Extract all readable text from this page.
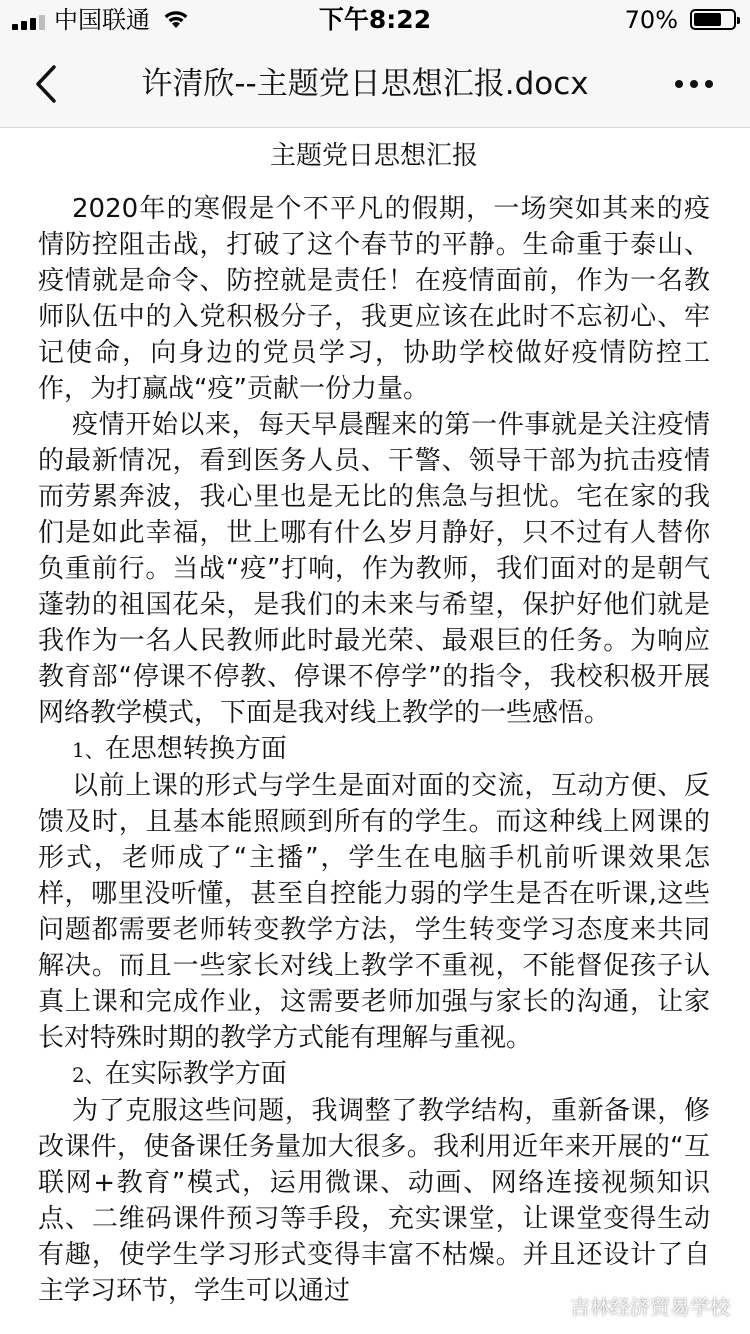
中国联通	下午8:22	70%
许清欣--主题党日思想汇报.docx
主题党日思想汇报

2020年的寒假是个不平凡的假期，一场突如其来的疫情防控阻击战，打破了这个春节的平静。生命重于泰山、疫情就是命令、防控就是责任！在疫情面前，作为一名教师队伍中的入党积极分子，我更应该在此时不忘初心、牢记使命，向身边的党员学习，协助学校做好疫情防控工作，为打赢战“疫”贡献一份力量。

疫情开始以来，每天早晨醒来的第一件事就是关注疫情的最新情况，看到医务人员、干警、领导干部为抗击疫情而劳累奔波，我心里也是无比的焦急与担忧。宅在家的我们是如此幸福，世上哪有什么岁月静好，只不过有人替你负重前行。当战“疫”打响，作为教师，我们面对的是朝气蓬勃的祖国花朵，是我们的未来与希望，保护好他们就是我作为一名人民教师此时最光荣、最艰巨的任务。为响应教育部“停课不停教、停课不停学”的指令，我校积极开展网络教学模式，下面是我对线上教学的一些感悟。

1、在思想转换方面

以前上课的形式与学生是面对面的交流，互动方便、反馈及时，且基本能照顾到所有的学生。而这种线上网课的形式，老师成了“主播”，学生在电脑手机前听课效果怎样，哪里没听懂，甚至自控能力弱的学生是否在听课,这些问题都需要老师转变教学方法，学生转变学习态度来共同解决。而且一些家长对线上教学不重视，不能督促孩子认真上课和完成作业，这需要老师加强与家长的沟通，让家长对特殊时期的教学方式能有理解与重视。

2、在实际教学方面

为了克服这些问题，我调整了教学结构，重新备课，修改课件，使备课任务量加大很多。我利用近年来开展的“互联网+教育”模式，运用微课、动画、网络连接视频知识点、二维码课件预习等手段，充实课堂，让课堂变得生动有趣，使学生学习形式变得丰富不枯燥。并且还设计了自主学习环节，学生可以通过

吉林经济贸易学校
